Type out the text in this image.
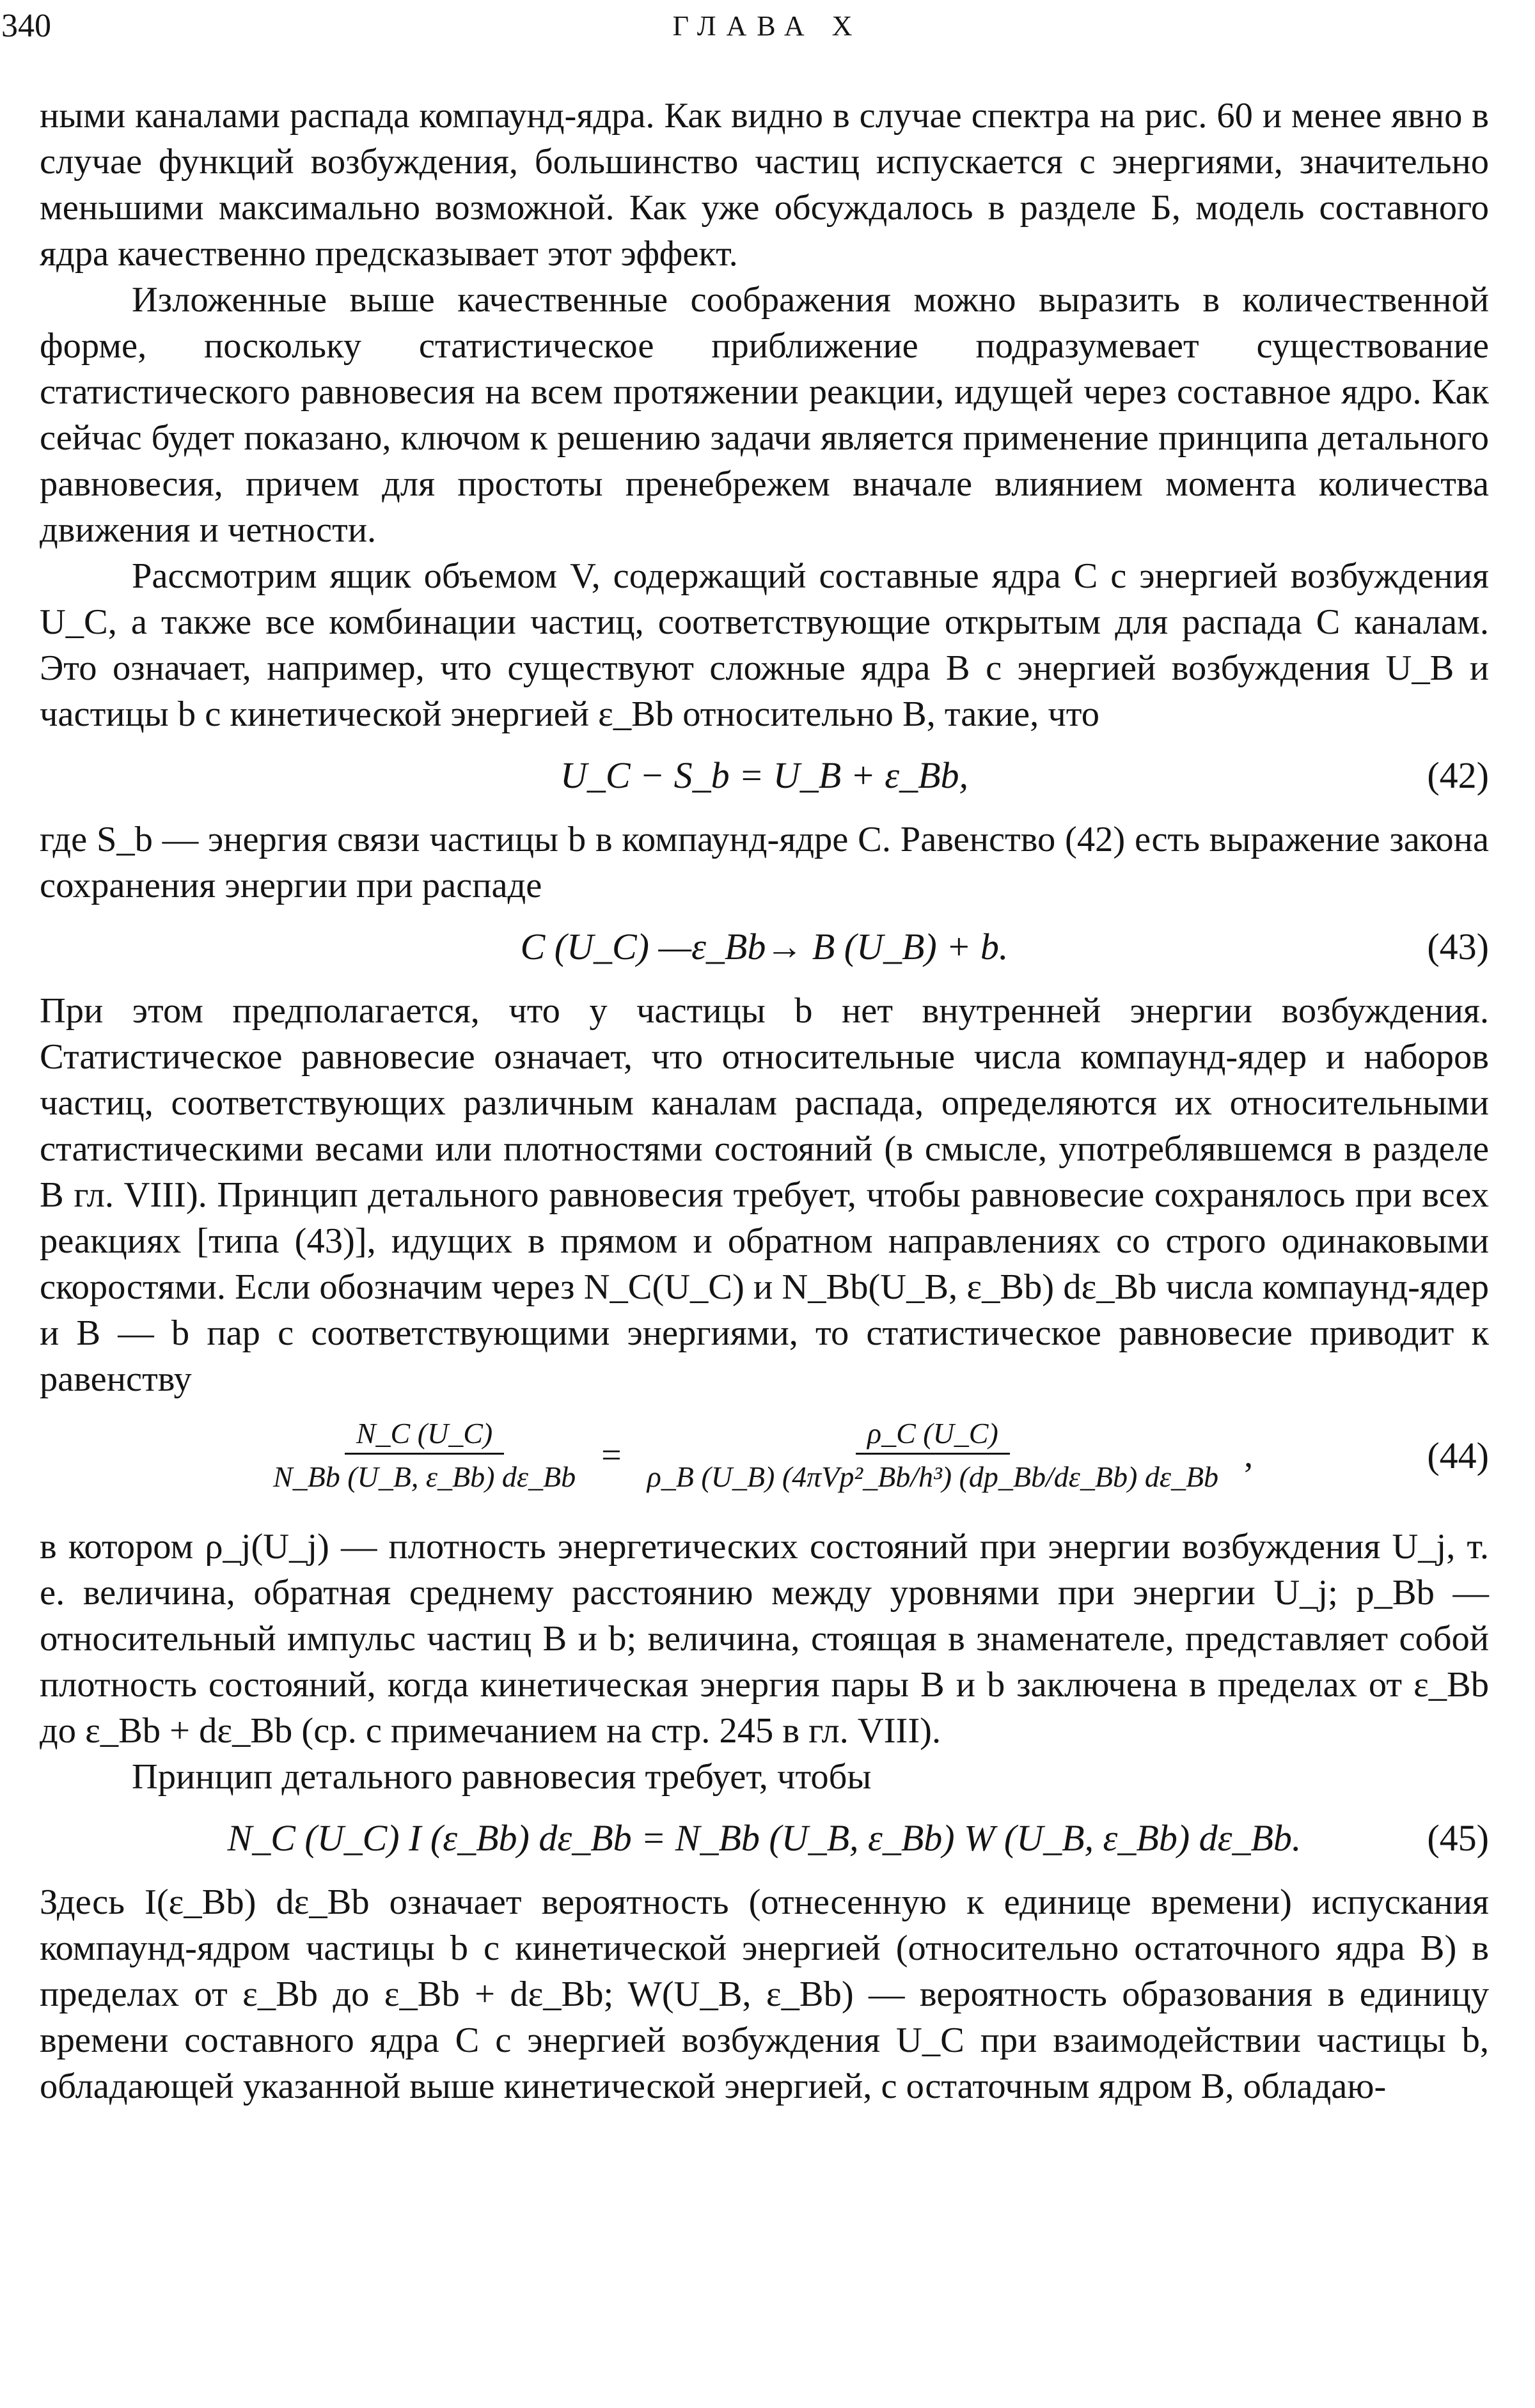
340	ГЛАВА X

ными каналами распада компаунд-ядра. Как видно в случае спектра на рис. 60 и менее явно в случае функций возбуждения, большинство частиц испускается с энергиями, значительно меньшими максимально возможной. Как уже обсуждалось в разделе Б, модель составного ядра качественно предсказывает этот эффект.

Изложенные выше качественные соображения можно выразить в количественной форме, поскольку статистическое приближение подразумевает существование статистического равновесия на всем протяжении реакции, идущей через составное ядро. Как сейчас будет показано, ключом к решению задачи является применение принципа детального равновесия, причем для простоты пренебрежем вначале влиянием момента количества движения и четности.

Рассмотрим ящик объемом V, содержащий составные ядра C с энергией возбуждения U_C, а также все комбинации частиц, соответствующие открытым для распада C каналам. Это означает, например, что существуют сложные ядра B с энергией возбуждения U_B и частицы b с кинетической энергией ε_Bb относительно B, такие, что

U_C − S_b = U_B + ε_Bb,	(42)

где S_b — энергия связи частицы b в компаунд-ядре C. Равенство (42) есть выражение закона сохранения энергии при распаде

C (U_C) —ε_Bb→ B (U_B) + b.	(43)

При этом предполагается, что у частицы b нет внутренней энергии возбуждения. Статистическое равновесие означает, что относительные числа компаунд-ядер и наборов частиц, соответствующих различным каналам распада, определяются их относительными статистическими весами или плотностями состояний (в смысле, употреблявшемся в разделе В гл. VIII). Принцип детального равновесия требует, чтобы равновесие сохранялось при всех реакциях [типа (43)], идущих в прямом и обратном направлениях со строго одинаковыми скоростями. Если обозначим через N_C(U_C) и N_Bb(U_B, ε_Bb) dε_Bb числа компаунд-ядер и B — b пар с соответствующими энергиями, то статистическое равновесие приводит к равенству

$\frac{N\_C (U\_C)}{N\_Bb (U\_B, \varepsilon\_Bb) d\varepsilon\_Bb} = \frac{\rho\_C (U\_C)}{\text{ρ\_B (U\_B) (4πVp²\_Bb/h³) (dp\_Bb/dε\_Bb) dε\_Bb}}$ ,	(44)

в котором ρ_j(U_j) — плотность энергетических состояний при энергии возбуждения U_j, т. е. величина, обратная среднему расстоянию между уровнями при энергии U_j; p_Bb — относительный импульс частиц B и b; величина, стоящая в знаменателе, представляет собой плотность состояний, когда кинетическая энергия пары B и b заключена в пределах от ε_Bb до ε_Bb + dε_Bb (ср. с примечанием на стр. 245 в гл. VIII).

Принцип детального равновесия требует, чтобы

N_C (U_C) I (ε_Bb) dε_Bb = N_Bb (U_B, ε_Bb) W (U_B, ε_Bb) dε_Bb.	(45)

Здесь I(ε_Bb) dε_Bb означает вероятность (отнесенную к единице времени) испускания компаунд-ядром частицы b с кинетической энергией (относительно остаточного ядра B) в пределах от ε_Bb до ε_Bb + dε_Bb; W(U_B, ε_Bb) — вероятность образования в единицу времени составного ядра C с энергией возбуждения U_C при взаимодействии частицы b, обладающей указанной выше кинетической энергией, с остаточным ядром B, обладаю-
